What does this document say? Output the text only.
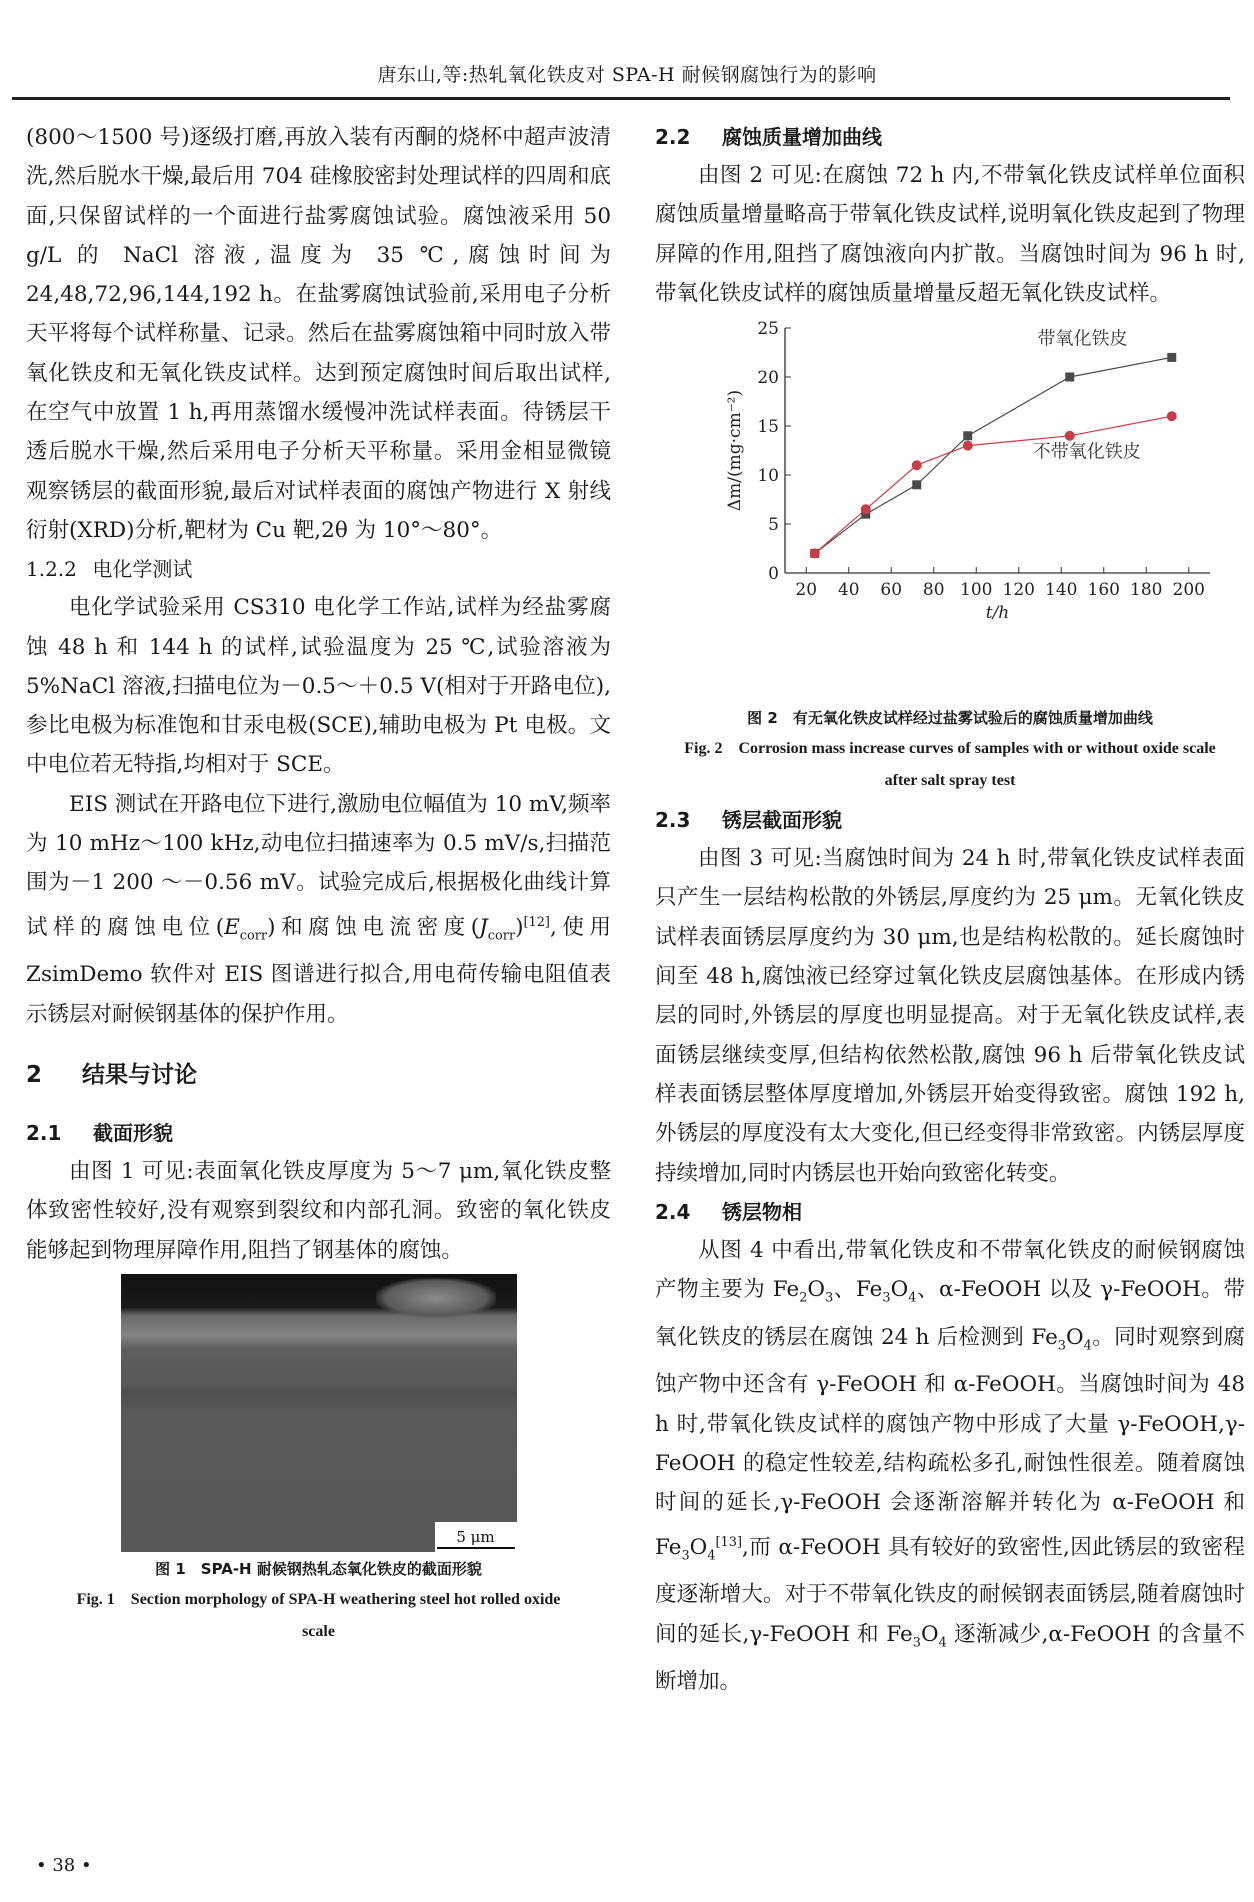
唐东山,等:热轧氧化铁皮对 SPA-H 耐候钢腐蚀行为的影响

(800～1500 号)逐级打磨,再放入装有丙酮的烧杯中超声波清洗,然后脱水干燥,最后用 704 硅橡胶密封处理试样的四周和底面,只保留试样的一个面进行盐雾腐蚀试验。腐蚀液采用 50 g/L 的 NaCl 溶液,温度为 35 ℃,腐蚀时间为 24,48,72,96,144,192 h。在盐雾腐蚀试验前,采用电子分析天平将每个试样称量、记录。然后在盐雾腐蚀箱中同时放入带氧化铁皮和无氧化铁皮试样。达到预定腐蚀时间后取出试样,在空气中放置 1 h,再用蒸馏水缓慢冲洗试样表面。待锈层干透后脱水干燥,然后采用电子分析天平称量。采用金相显微镜观察锈层的截面形貌,最后对试样表面的腐蚀产物进行 X 射线衍射(XRD)分析,靶材为 Cu 靶,2θ 为 10°～80°。

1.2.2 电化学测试

电化学试验采用 CS310 电化学工作站,试样为经盐雾腐蚀 48 h 和 144 h 的试样,试验温度为 25 ℃,试验溶液为 5%NaCl 溶液,扫描电位为－0.5～＋0.5 V(相对于开路电位),参比电极为标准饱和甘汞电极(SCE),辅助电极为 Pt 电极。文中电位若无特指,均相对于 SCE。

EIS 测试在开路电位下进行,激励电位幅值为 10 mV,频率为 10 mHz～100 kHz,动电位扫描速率为 0.5 mV/s,扫描范围为－1 200 ～－0.56 mV。试验完成后,根据极化曲线计算试样的腐蚀电位$(E_{corr})$和腐蚀电流密度$(J_{corr})[12]$,使用 ZsimDemo 软件对 EIS 图谱进行拟合,用电荷传输电阻值表示锈层对耐候钢基体的保护作用。

2 结果与讨论
2.1 截面形貌

由图 1 可见:表面氧化铁皮厚度为 5～7 μm,氧化铁皮整体致密性较好,没有观察到裂纹和内部孔洞。致密的氧化铁皮能够起到物理屏障作用,阻挡了钢基体的腐蚀。

5 μm
图 1　SPA-H 耐候钢热轧态氧化铁皮的截面形貌
Fig. 1　Section morphology of SPA-H weathering steel hot rolled oxide scale
2.2 腐蚀质量增加曲线

由图 2 可见:在腐蚀 72 h 内,不带氧化铁皮试样单位面积腐蚀质量增量略高于带氧化铁皮试样,说明氧化铁皮起到了物理屏障的作用,阻挡了腐蚀液向内扩散。当腐蚀时间为 96 h 时,带氧化铁皮试样的腐蚀质量增量反超无氧化铁皮试样。

0
5
10
15
20
25
20 40 60 80 100 120 140 160 180 200
t/h
Δm/(mg·cm⁻²)
带氧化铁皮
不带氧化铁皮
图 2　有无氧化铁皮试样经过盐雾试验后的腐蚀质量增加曲线
Fig. 2　Corrosion mass increase curves of samples with or without oxide scale after salt spray test
2.3 锈层截面形貌

由图 3 可见:当腐蚀时间为 24 h 时,带氧化铁皮试样表面只产生一层结构松散的外锈层,厚度约为 25 μm。无氧化铁皮试样表面锈层厚度约为 30 μm,也是结构松散的。延长腐蚀时间至 48 h,腐蚀液已经穿过氧化铁皮层腐蚀基体。在形成内锈层的同时,外锈层的厚度也明显提高。对于无氧化铁皮试样,表面锈层继续变厚,但结构依然松散,腐蚀 96 h 后带氧化铁皮试样表面锈层整体厚度增加,外锈层开始变得致密。腐蚀 192 h,外锈层的厚度没有太大变化,但已经变得非常致密。内锈层厚度持续增加,同时内锈层也开始向致密化转变。

2.4 锈层物相

从图 4 中看出,带氧化铁皮和不带氧化铁皮的耐候钢腐蚀产物主要为 $Fe_2O_3$、$Fe_3O_4$、α-FeOOH 以及 γ-FeOOH。带氧化铁皮的锈层在腐蚀 24 h 后检测到 $Fe_3O_4$。同时观察到腐蚀产物中还含有 γ-FeOOH 和 α-FeOOH。当腐蚀时间为 48 h 时,带氧化铁皮试样的腐蚀产物中形成了大量 γ-FeOOH,γ-FeOOH 的稳定性较差,结构疏松多孔,耐蚀性很差。随着腐蚀时间的延长,γ-FeOOH 会逐渐溶解并转化为 α-FeOOH 和 $Fe_3O_4[13]$,而 α-FeOOH 具有较好的致密性,因此锈层的致密程度逐渐增大。对于不带氧化铁皮的耐候钢表面锈层,随着腐蚀时间的延长,γ-FeOOH 和 $Fe_3O_4$ 逐渐减少,α-FeOOH 的含量不断增加。

• 38 •
